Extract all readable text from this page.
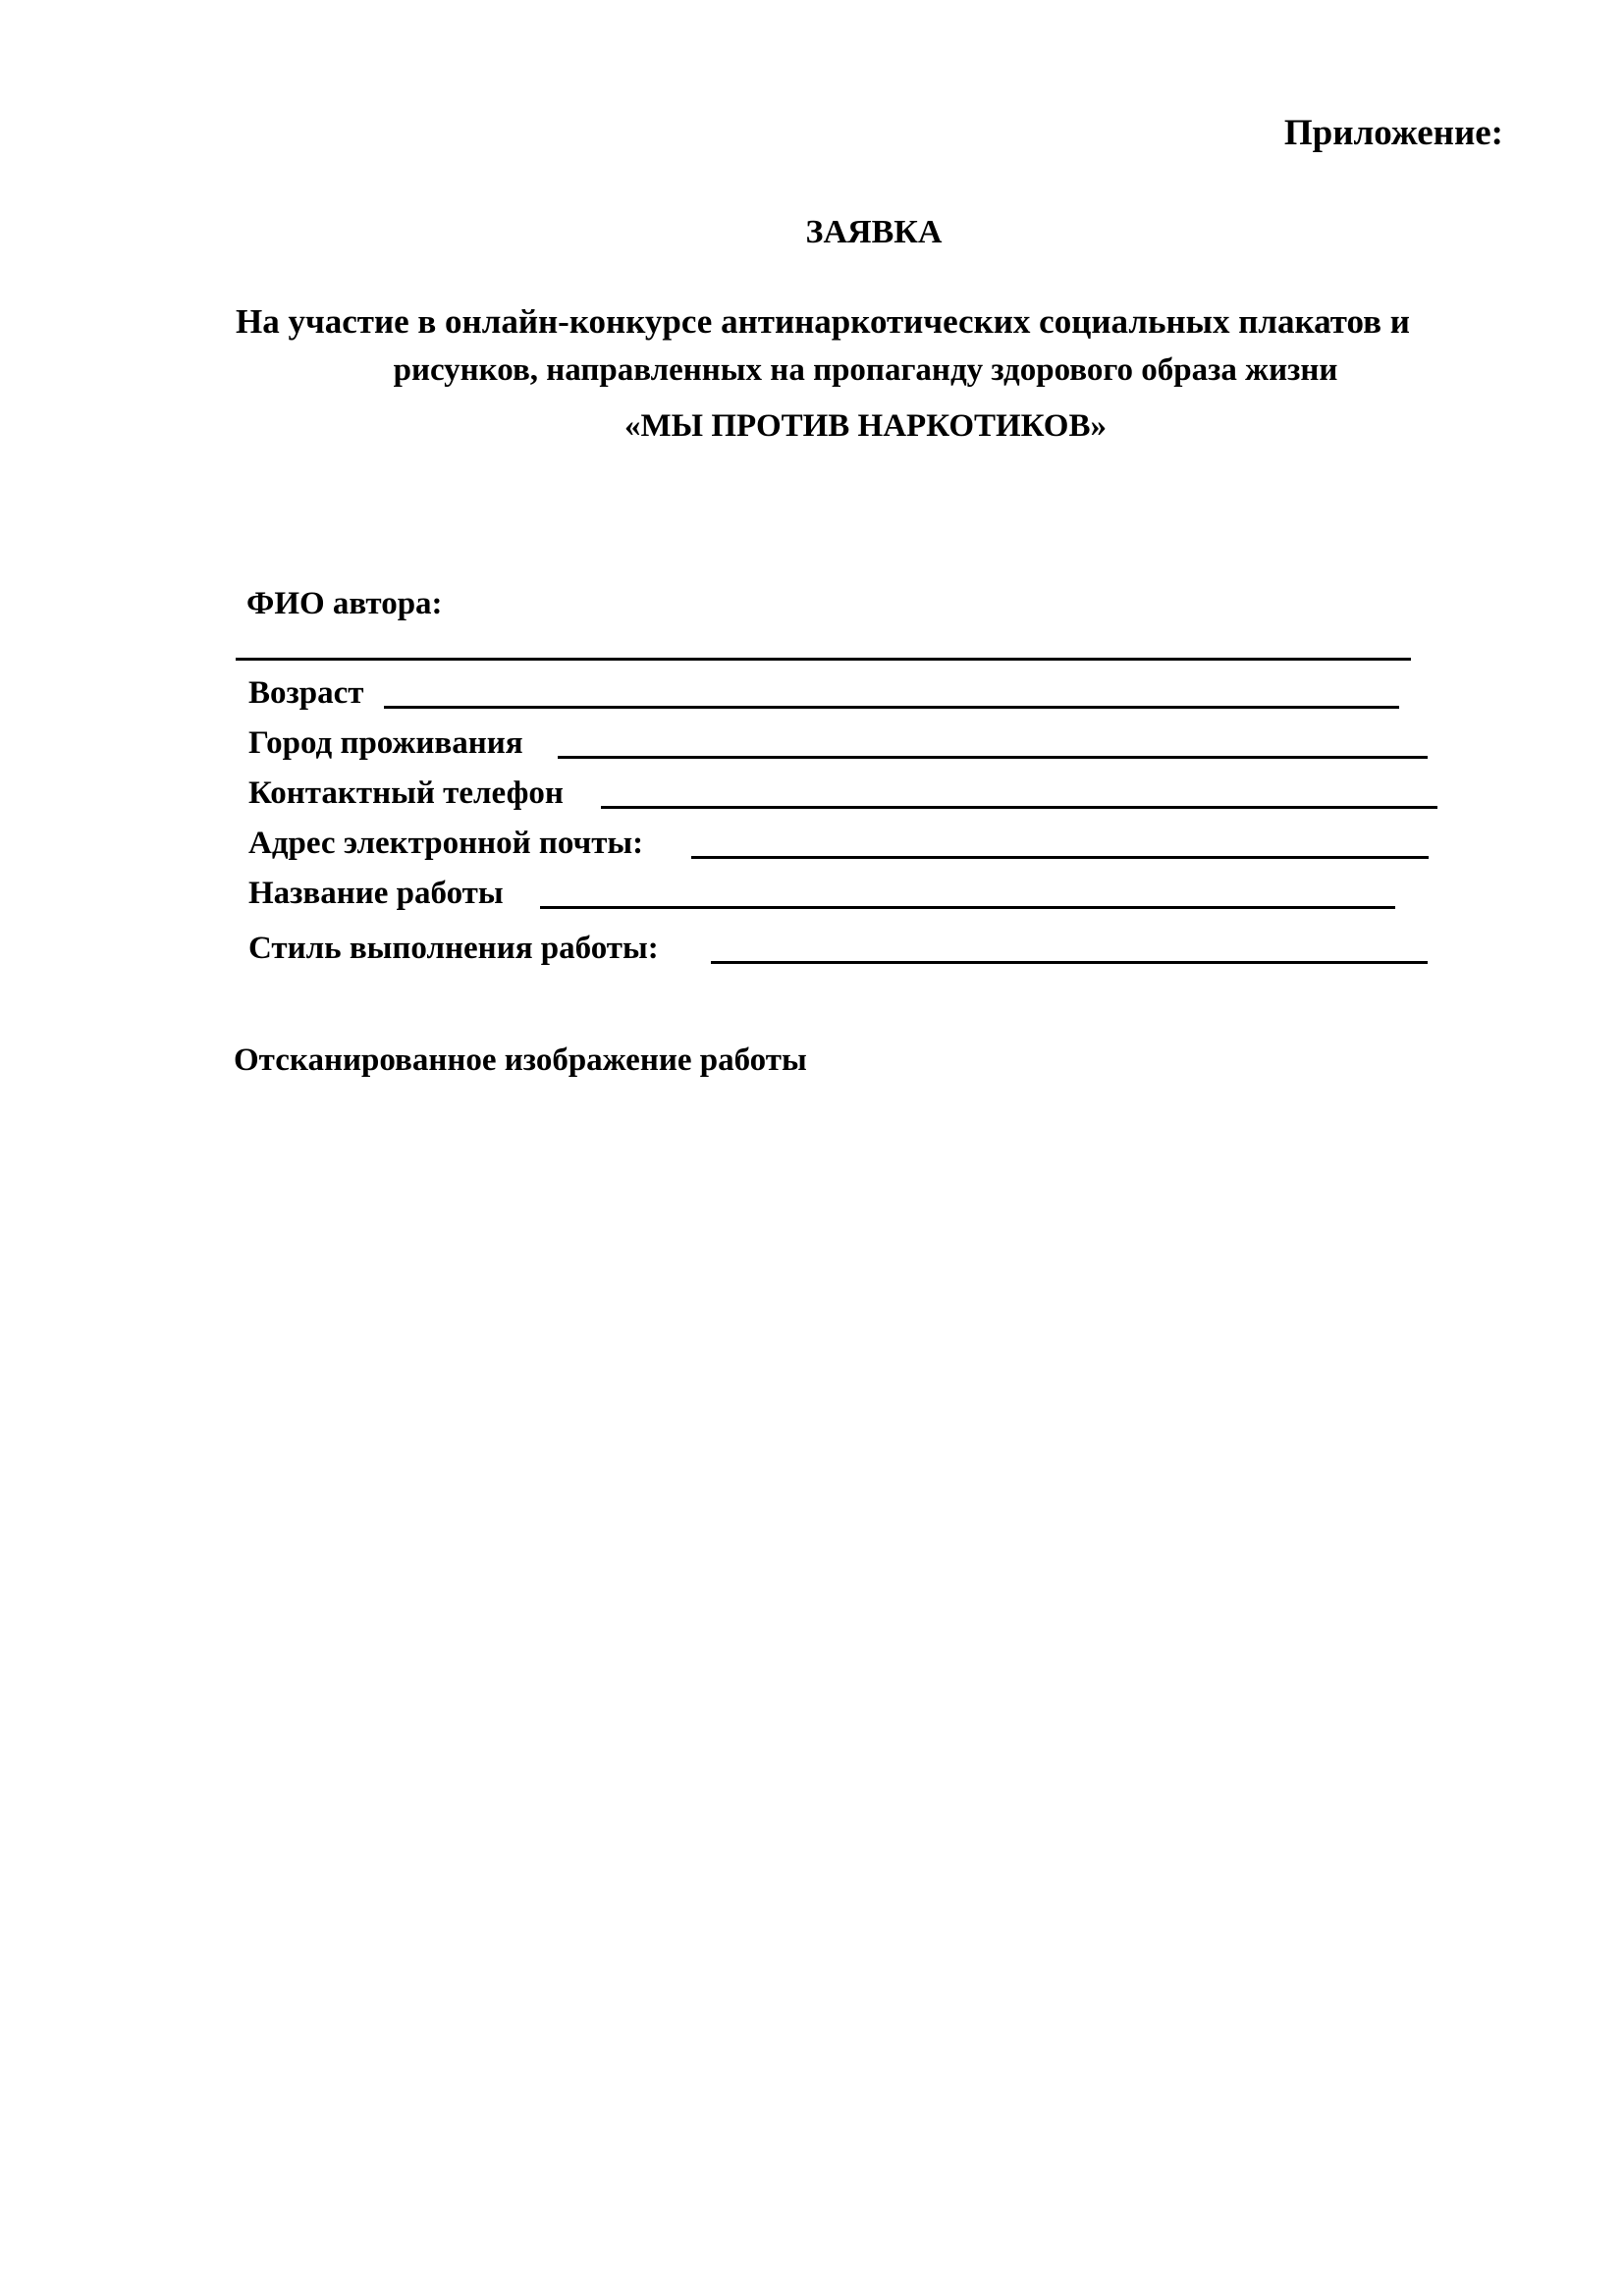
Приложение:
ЗАЯВКА
На участие в онлайн-конкурсе антинаркотических социальных плакатов и
рисунков, направленных на пропаганду здорового образа жизни
«МЫ ПРОТИВ НАРКОТИКОВ»
ФИО автора:
Возраст
Город проживания
Контактный телефон
Адрес электронной почты:
Название работы
Стиль выполнения работы:
Отсканированное изображение работы
